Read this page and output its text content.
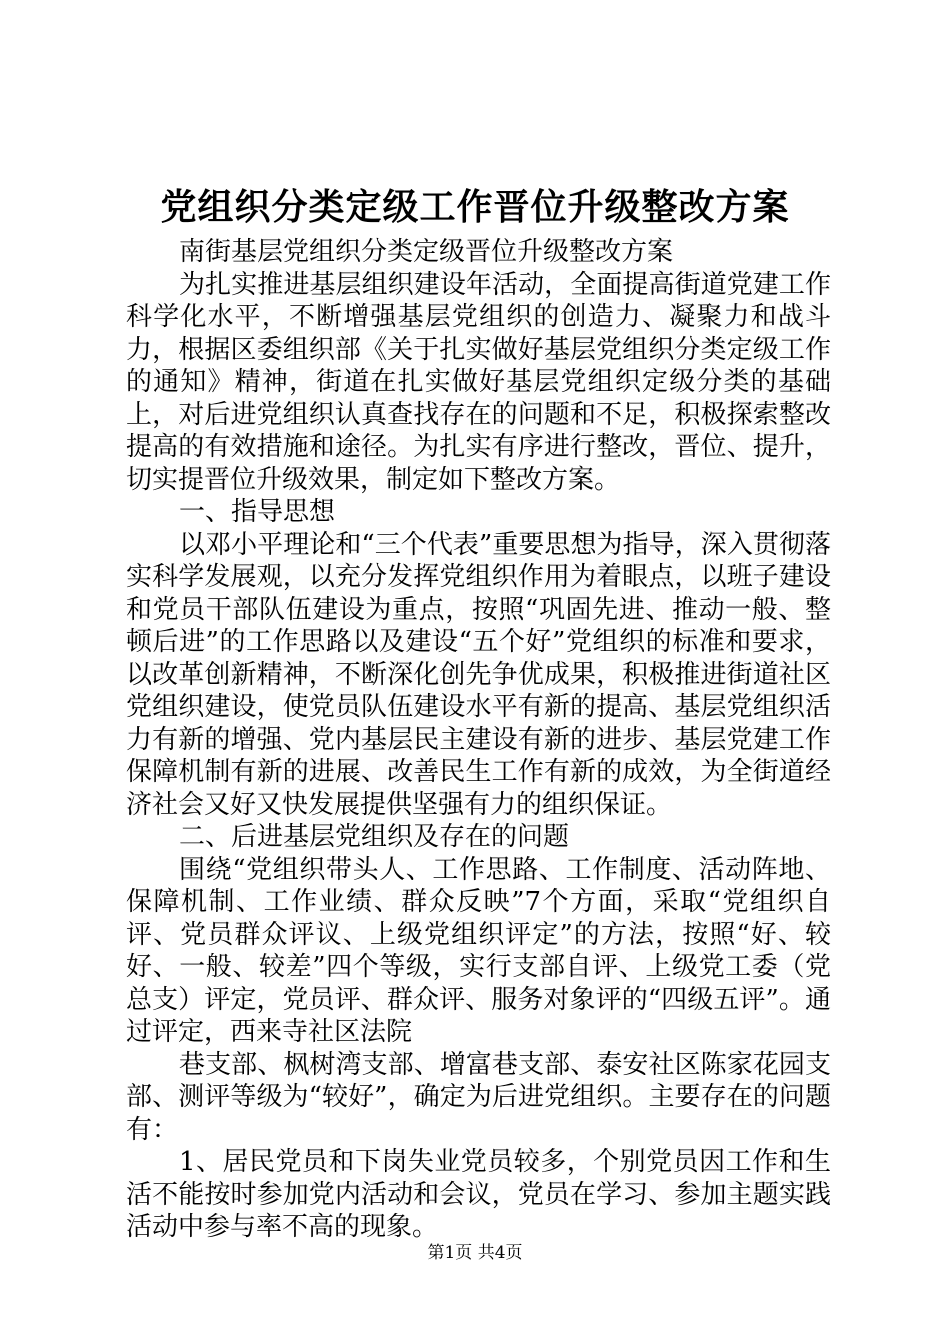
党组织分类定级工作晋位升级整改方案

南街基层党组织分类定级晋位升级整改方案

为扎实推进基层组织建设年活动，全面提高街道党建工作科学化水平，不断增强基层党组织的创造力、凝聚力和战斗力，根据区委组织部《关于扎实做好基层党组织分类定级工作的通知》精神，街道在扎实做好基层党组织定级分类的基础上，对后进党组织认真查找存在的问题和不足，积极探索整改提高的有效措施和途径。为扎实有序进行整改，晋位、提升，切实提晋位升级效果，制定如下整改方案。

一、指导思想

以邓小平理论和“三个代表”重要思想为指导，深入贯彻落实科学发展观，以充分发挥党组织作用为着眼点，以班子建设和党员干部队伍建设为重点，按照“巩固先进、推动一般、整顿后进”的工作思路以及建设“五个好”党组织的标准和要求，以改革创新精神，不断深化创先争优成果，积极推进街道社区党组织建设，使党员队伍建设水平有新的提高、基层党组织活力有新的增强、党内基层民主建设有新的进步、基层党建工作保障机制有新的进展、改善民生工作有新的成效，为全街道经济社会又好又快发展提供坚强有力的组织保证。

二、后进基层党组织及存在的问题

围绕“党组织带头人、工作思路、工作制度、活动阵地、保障机制、工作业绩、群众反映”7个方面，采取“党组织自评、党员群众评议、上级党组织评定”的方法，按照“好、较好、一般、较差”四个等级，实行支部自评、上级党工委（党总支）评定，党员评、群众评、服务对象评的“四级五评”。通过评定，西来寺社区法院

巷支部、枫树湾支部、增富巷支部、泰安社区陈家花园支部、测评等级为“较好”，确定为后进党组织。主要存在的问题有：

1、居民党员和下岗失业党员较多，个别党员因工作和生活不能按时参加党内活动和会议，党员在学习、参加主题实践活动中参与率不高的现象。

第1页 共4页
